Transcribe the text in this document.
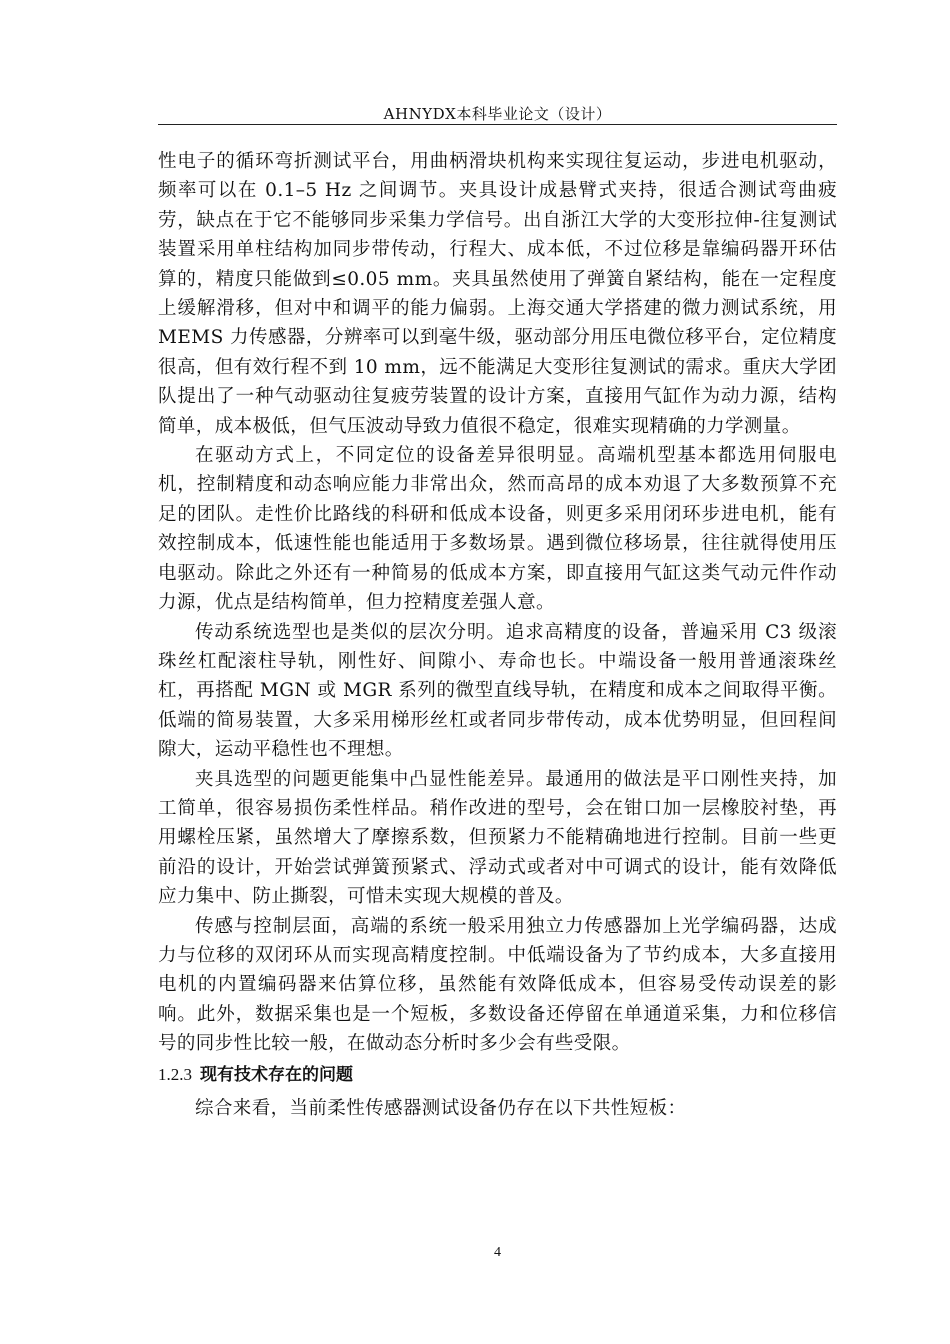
AHNYDX本科毕业论文（设计）

性电子的循环弯折测试平台，用曲柄滑块机构来实现往复运动，步进电机驱动，频率可以在 0.1–5 Hz 之间调节。夹具设计成悬臂式夹持，很适合测试弯曲疲劳，缺点在于它不能够同步采集力学信号。出自浙江大学的大变形拉伸-往复测试装置采用单柱结构加同步带传动，行程大、成本低，不过位移是靠编码器开环估算的，精度只能做到≤0.05 mm。夹具虽然使用了弹簧自紧结构，能在一定程度上缓解滑移，但对中和调平的能力偏弱。上海交通大学搭建的微力测试系统，用 MEMS 力传感器，分辨率可以到毫牛级，驱动部分用压电微位移平台，定位精度很高，但有效行程不到 10 mm，远不能满足大变形往复测试的需求。重庆大学团队提出了一种气动驱动往复疲劳装置的设计方案，直接用气缸作为动力源，结构简单，成本极低，但气压波动导致力值很不稳定，很难实现精确的力学测量。

在驱动方式上，不同定位的设备差异很明显。高端机型基本都选用伺服电机，控制精度和动态响应能力非常出众，然而高昂的成本劝退了大多数预算不充足的团队。走性价比路线的科研和低成本设备，则更多采用闭环步进电机，能有效控制成本，低速性能也能适用于多数场景。遇到微位移场景，往往就得使用压电驱动。除此之外还有一种简易的低成本方案，即直接用气缸这类气动元件作动力源，优点是结构简单，但力控精度差强人意。

传动系统选型也是类似的层次分明。追求高精度的设备，普遍采用 C3 级滚珠丝杠配滚柱导轨，刚性好、间隙小、寿命也长。中端设备一般用普通滚珠丝杠，再搭配 MGN 或 MGR 系列的微型直线导轨，在精度和成本之间取得平衡。低端的简易装置，大多采用梯形丝杠或者同步带传动，成本优势明显，但回程间隙大，运动平稳性也不理想。

夹具选型的问题更能集中凸显性能差异。最通用的做法是平口刚性夹持，加工简单，很容易损伤柔性样品。稍作改进的型号，会在钳口加一层橡胶衬垫，再用螺栓压紧，虽然增大了摩擦系数，但预紧力不能精确地进行控制。目前一些更前沿的设计，开始尝试弹簧预紧式、浮动式或者对中可调式的设计，能有效降低应力集中、防止撕裂，可惜未实现大规模的普及。

传感与控制层面，高端的系统一般采用独立力传感器加上光学编码器，达成力与位移的双闭环从而实现高精度控制。中低端设备为了节约成本，大多直接用电机的内置编码器来估算位移，虽然能有效降低成本，但容易受传动误差的影响。此外，数据采集也是一个短板，多数设备还停留在单通道采集，力和位移信号的同步性比较一般，在做动态分析时多少会有些受限。

1.2.3 现有技术存在的问题

综合来看，当前柔性传感器测试设备仍存在以下共性短板：

4
